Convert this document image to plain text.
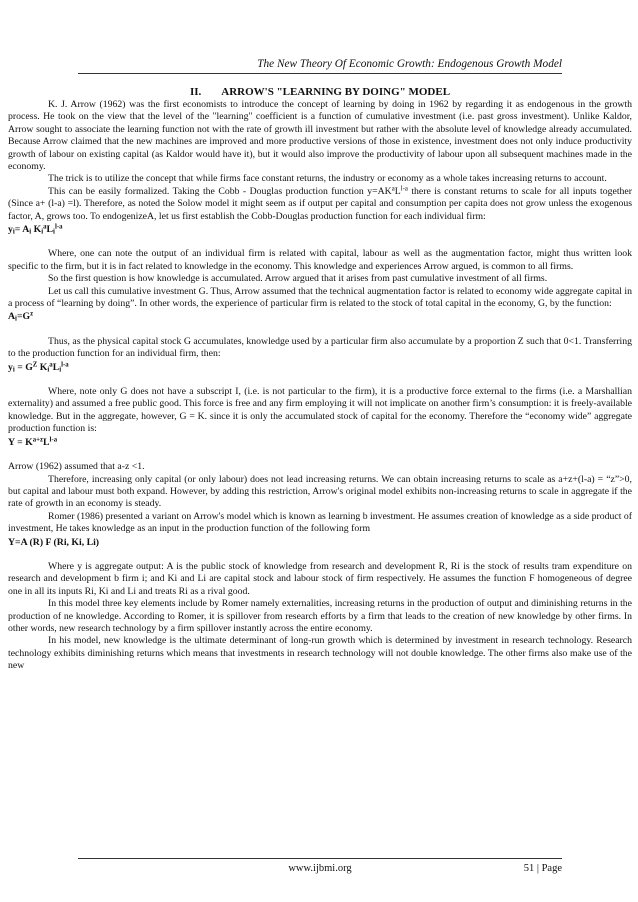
The New Theory Of Economic Growth: Endogenous Growth Model
II. ARROW'S "LEARNING BY DOING" MODEL

K. J. Arrow (1962) was the first economists to introduce the concept of learning by doing in 1962 by regarding it as endogenous in the growth process. He took on the view that the level of the "learning" coefficient is a function of cumulative investment (i.e. past gross investment). Unlike Kaldor, Arrow sought to associate the learning function not with the rate of growth ill investment but rather with the absolute level of knowledge already accumulated. Because Arrow claimed that the new machines are improved and more productive versions of those in existence, investment does not only induce productivity growth of labour on existing capital (as Kaldor would have it), but it would also improve the productivity of labour upon all subsequent machines made in the economy.

The trick is to utilize the concept that while firms face constant returns, the industry or economy as a whole takes increasing returns to account.

This can be easily formalized. Taking the Cobb - Douglas production function $y=AK^aL^{l-a}$ there is constant returns to scale for all inputs together (Since a+ (l-a) =l). Therefore, as noted the Solow model it might seem as if output per capital and consumption per capita does not grow unless the exogenous factor, A, grows too. To endogenizeA, let us first establish the Cobb-Douglas production function for each individual firm:

$y_i= A_i$ $K_i^aL_i^{l-a}$

Where, one can note the output of an individual firm is related with capital, labour as well as the augmentation factor, might thus written look specific to the firm, but it is in fact related to knowledge in the economy. This knowledge and experiences Arrow argued, is common to all firms.

So the first question is how knowledge is accumulated. Arrow argued that it arises from past cumulative investment of all firms.

Let us call this cumulative investment G. Thus, Arrow assumed that the technical augmentation factor is related to economy wide aggregate capital in a process of “learning by doing”. In other words, the experience of particular firm is related to the stock of total capital in the economy, G, by the function:

$A_i=G^z$

Thus, as the physical capital stock G accumulates, knowledge used by a particular firm also accumulate by a proportion Z such that 0<1. Transferring to the production function for an individual firm, then:

$y_i = G^Z$ $K_i^aL_i^{l-a}$

Where, note only G does not have a subscript I, (i.e. is not particular to the firm), it is a productive force external to the firms (i.e. a Marshallian externality) and assumed a free public good. This force is free and any firm employing it will not implicate on another firm’s consumption: it is freely-available knowledge. But in the aggregate, however, G = K. since it is only the accumulated stock of capital for the economy. Therefore the “economy wide” aggregate production function is:

$Y = K^{a+z}L^{l-a}$

Arrow (1962) assumed that a-z <1.

Therefore, increasing only capital (or only labour) does not lead increasing returns. We can obtain increasing returns to scale as a+z+(l-a) = “z”>0, but capital and labour must both expand. However, by adding this restriction, Arrow's original model exhibits non-increasing returns to scale in aggregate if the rate of growth in an economy is steady.

Romer (1986) presented a variant on Arrow's model which is known as learning b investment. He assumes creation of knowledge as a side product of investment, He takes knowledge as an input in the production function of the following form

Y=A (R) F (Ri, Ki, Li)

Where y is aggregate output: A is the public stock of knowledge from research and development R, Ri is the stock of results tram expenditure on research and development b firm i; and Ki and Li are capital stock and labour stock of firm respectively. He assumes the function F homogeneous of degree one in all its inputs Ri, Ki and Li and treats Ri as a rival good.

In this model three key elements include by Romer namely externalities, increasing returns in the production of output and diminishing returns in the production of ne knowledge. According to Romer, it is spillover from research efforts by a firm that leads to the creation of new knowledge by other firms. In other words, new research technology by a firm spillover instantly across the entire economy.

In his model, new knowledge is the ultimate determinant of long-run growth which is determined by investment in research technology. Research technology exhibits diminishing returns which means that investments in research technology will not double knowledge. The other firms also make use of the new

www.ijbmi.org	51 | Page
